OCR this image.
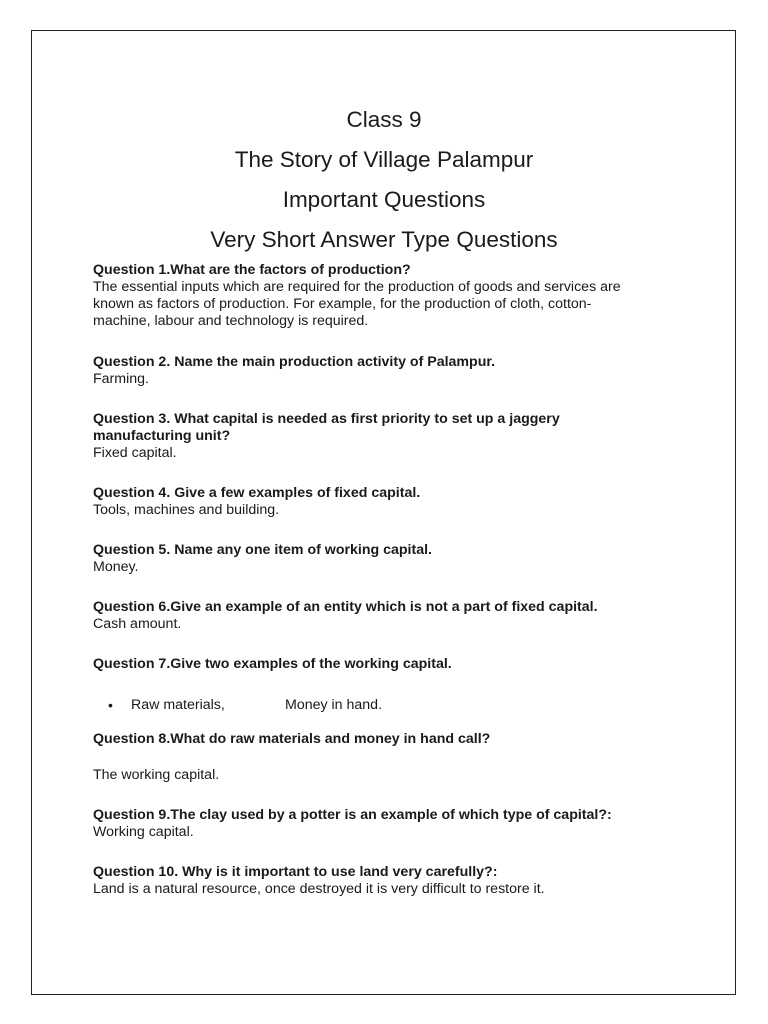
Class 9
The Story of Village Palampur
Important Questions
Very Short Answer Type Questions
Question 1.What are the factors of production?
The essential inputs which are required for the production of goods and services are
known as factors of production. For example, for the production of cloth, cotton-
machine, labour and technology is required.
Question 2. Name the main production activity of Palampur.
Farming.
Question 3. What capital is needed as first priority to set up a jaggery
manufacturing unit?
Fixed capital.
Question 4. Give a few examples of fixed capital.
Tools, machines and building.
Question 5. Name any one item of working capital.
Money.
Question 6.Give an example of an entity which is not a part of fixed capital.
Cash amount.
Question 7.Give two examples of the working capital.
• Raw materials,	Money in hand.
Question 8.What do raw materials and money in hand call?
The working capital.
Question 9.The clay used by a potter is an example of which type of capital?:
Working capital.
Question 10. Why is it important to use land very carefully?:
Land is a natural resource, once destroyed it is very difficult to restore it.
